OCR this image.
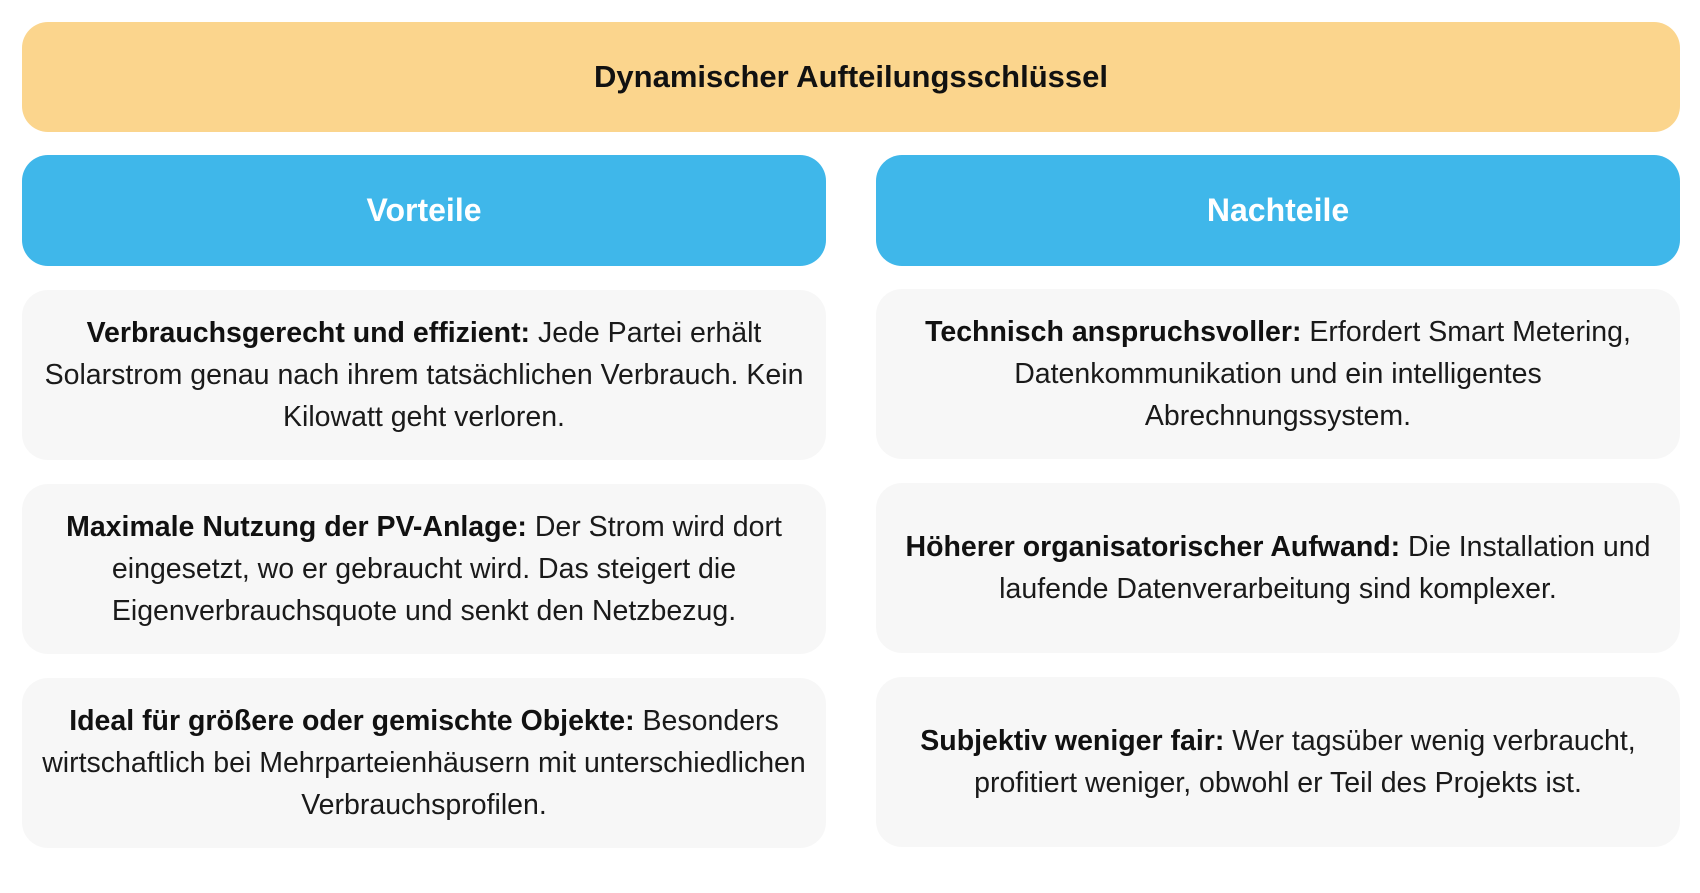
Dynamischer Aufteilungsschlüssel
Vorteile	Nachteile

Verbrauchsgerecht und effizient: Jede Partei erhält Solarstrom genau nach ihrem tatsächlichen Verbrauch. Kein Kilowatt geht verloren.

Maximale Nutzung der PV-Anlage: Der Strom wird dort eingesetzt, wo er gebraucht wird. Das steigert die Eigenverbrauchsquote und senkt den Netzbezug.

Ideal für größere oder gemischte Objekte: Besonders wirtschaftlich bei Mehrparteienhäusern mit unterschiedlichen Verbrauchsprofilen.

Technisch anspruchsvoller: Erfordert Smart Metering, Datenkommunikation und ein intelligentes Abrechnungssystem.

Höherer organisatorischer Aufwand: Die Installation und laufende Datenverarbeitung sind komplexer.

Subjektiv weniger fair: Wer tagsüber wenig verbraucht, profitiert weniger, obwohl er Teil des Projekts ist.
